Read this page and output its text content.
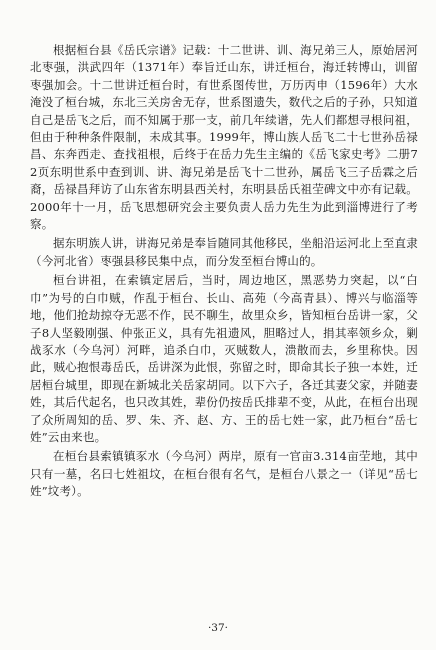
根据桓台县《岳氏宗谱》记载：十二世讲、训、海兄弟三人，原始居河北枣强，洪武四年（1371年）奉旨迁山东，讲迁桓台，海迁转博山，训留枣强加会。十二世讲迁桓台时，有世系图传世，万历丙申（1596年）大水淹没了桓台城，东北三关房舍无存，世系图遗失，数代之后的子孙，只知道自己是岳飞之后，而不知属于那一支，前几年续谱，先人们都想寻根问祖，但由于种种条件限制，未成其事。1999年，博山族人岳飞二十七世孙岳禄昌、东奔西走、查找祖根，后终于在岳力先生主编的《岳飞家史考》二册72页东明世系中查到训、讲、海兄弟是岳飞十二世孙，属岳飞三子岳霖之后裔，岳禄昌拜访了山东省东明县西关村，东明县岳氏祖茔碑文中亦有记载。2000年十一月，岳飞思想研究会主要负责人岳力先生为此到淄博进行了考察。

据东明族人讲，讲海兄弟是奉旨随同其他移民，坐船沿运河北上至直隶（今河北省）枣强县移民集中点，而分发至桓台博山的。

桓台讲祖，在索镇定居后，当时，周边地区，黑恶势力突起，以“白巾”为号的白巾贼，作乱于桓台、长山、高苑（今高青县）、博兴与临淄等地，他们抢劫掠夺无恶不作，民不聊生，故里众乡，皆知桓台岳讲一家，父子8人坚毅刚强、仲张正义，具有先祖遗风，胆略过人，捐其率领乡众，剿战豕水（今乌河）河畔，追杀白巾，灭贼数人，溃散而去，乡里称快。因此，贼心抱恨毒岳氏，岳讲深为此恨，弥留之时，即命其长子独一本姓，迁居桓台城里，即现在新城北关岳家胡同。以下六子，各迁其妻父家，并随妻姓，其后代起名，也只改其姓，辈份仍按岳氏排辈不变，从此，在桓台出现了众所周知的岳、罗、朱、齐、赵、方、王的岳七姓一家，此乃桓台“岳七姓”云由来也。

在桓台县索镇镇豕水（今乌河）两岸，原有一官亩3.314亩茔地，其中只有一墓，名曰七姓祖坟，在桓台很有名气，是桓台八景之一（详见“岳七姓”坟考）。

·37·
